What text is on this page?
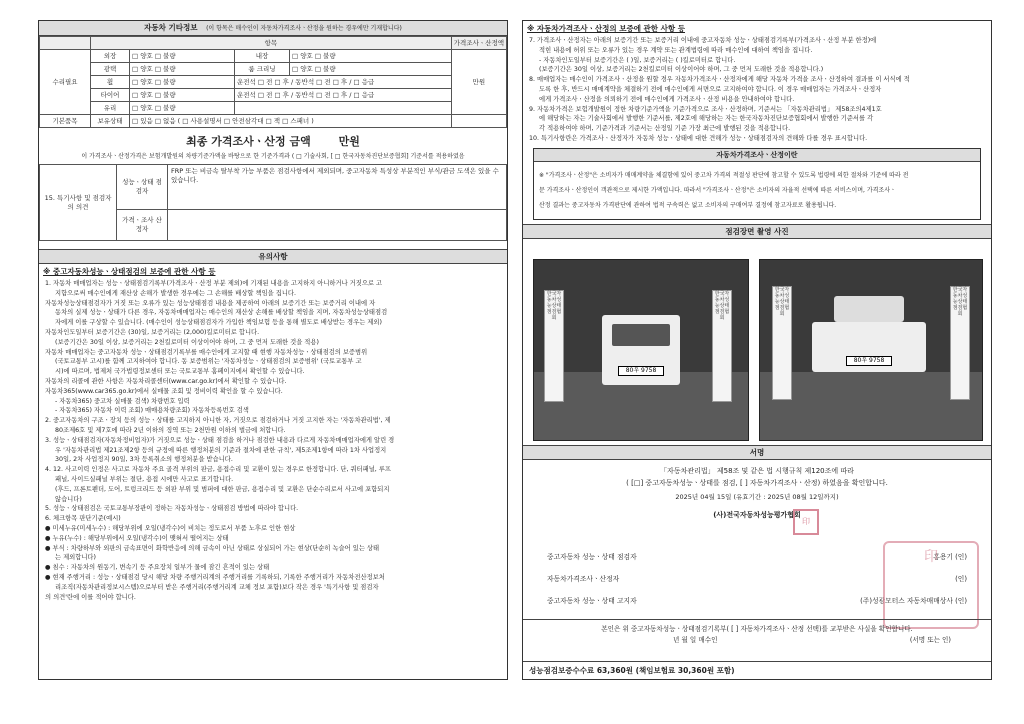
자동차 기타정보 (이 항목은 매수인이 자동차가격조사ㆍ산정을 원하는 경우에만 기재합니다)
	항목				가격조사ㆍ산정액
수리필요	외장	□ 양호 □ 불량	내장	□ 양호 □ 불량	만원
	광택	□ 양호 □ 불량	룸 크리닝	□ 양호 □ 불량	
	휠	□ 양호 □ 불량	운전석 □ 전 □ 후 / 동반석 □ 전 □ 후 / □ 응급		
	타이어	□ 양호 □ 불량	운전석 □ 전 □ 후 / 동반석 □ 전 □ 후 / □ 응급		
	유리	□ 양호 □ 불량			
기본품목	보유상태	□ 있음 □ 없음 ( □ 사용설명서 □ 안전삼각대 □ 잭 □ 스패너 )			
최종 가격조사ㆍ산정 금액	만원
이 가격조사ㆍ산정가격은 보험개발원의 차량기준가액을 바탕으로 한 기준가격과 ( □ 기술사회, [ □ 한국자동차진단보증협회] 기준서를 적용하였음
15. 특기사항 및 점검자의 의견	성능ㆍ상태 점검자	FRP 또는 비금속 탈부착 가능 부품은 점검사항에서 제외되며, 중고자동차 특성상 부분적인 부식/관금 도색은 있을 수 있습니다.
	가격ㆍ조사 산정자	
유의사항
※ 중고자동차성능ㆍ상태점검의 보증에 관한 사항 등

1. 자동차 매매업자는 성능ㆍ상태점검기록부(가격조사ㆍ산정 부분 제외)에 기재된 내용을 고지하지 아니하거나 거짓으로 고

지함으로써 매수인에게 재산상 손해가 발생한 경우에는 그 손해를 배상할 책임을 집니다.

자동차성능상태점검자가 거짓 또는 오류가 있는 성능상태점검 내용을 제공하여 아래의 보증기간 또는 보증거리 이내에 자

동차의 실제 성능ㆍ상태가 다른 경우, 자동차매매업자는 매수인의 재산상 손해를 배상할 책임을 지며, 자동차성능상태점검

자에게 이를 구상할 수 있습니다. (매수인이 성능상태점검자가 가입한 책임보험 등을 통해 별도로 배상받는 경우는 제외)

자동차인도일부터 보증기간은 (30)일, 보증거리는 (2,000)킬로미터로 합니다.

(보증기간은 30일 이상, 보증거리는 2천킬로미터 이상이어야 하며, 그 중 먼저 도래한 것을 적용)

자동차 매매업자는 중고자동차 성능ㆍ상태점검기록부를 매수인에게 고지할 때 현행 자동차성능ㆍ상태점검의 보증범위

(국토교통부 고시)를 함께 고지하여야 합니다. 동 보증범위는 '자동차성능ㆍ상태점검의 보증범위' (국토교통부 고

시)에 따르며, 법제처 국가법령정보센터 또는 국토교통부 홈페이지에서 확인할 수 있습니다.

자동차의 리콜에 관한 사항은 자동차리콜센터(www.car.go.kr)에서 확인할 수 있습니다.

자동차365(www.car365.go.kr)에서 실매물 조회 및 정비이력 확인을 할 수 있습니다.

- 자동차365) 중고차 실매물 검색) 차량번호 입력

- 자동차365) 자동차 이력 조회) 매매용차량조회) 자동차등록번호 검색

2. 중고자동차의 구조ㆍ장치 등의 성능ㆍ상태를 고지하지 아니한 자, 거짓으로 점검하거나 거짓 고지한 자는 '자동차관리법', 제

80조제6호 및 제7호에 따라 2년 이하의 징역 또는 2천만원 이하의 벌금에 처합니다.

3. 성능ㆍ상태점검자(자동차정비업자)가 거짓으로 성능ㆍ상태 점검을 하거나 점검한 내용과 다르게 자동차매매업자에게 알린 경

우 '자동차관리법 제21조제2항 등의 규정에 따른 행정처분의 기준과 절차에 관한 규칙', 제5조제1항에 따라 1차 사업정지

30일, 2차 사업정지 90일, 3차 등록취소의 행정처분을 받습니다.

4. 12. 사고이력 인정은 사고로 자동차 주요 골격 부위의 판금, 용접수리 및 교환이 있는 경우로 한정합니다. 단, 쿼터패널, 루프

패널, 사이드실패널 부위는 절단, 용접 시에만 사고로 표기합니다.

(후드, 프론트펜더, 도어, 트렁크리드 등 외판 부위 및 범퍼에 대한 판금, 용접수리 및 교환은 단순수리로서 사고에 포함되지

않습니다)

5. 성능ㆍ상태점검은 국토교통부장관이 정하는 자동차성능ㆍ상태점검 방법에 따라야 합니다.

6. 체크항목 판단기준(예시)

● 미세누유(미세누수) : 해당부위에 오일(냉각수)이 비치는 정도로서 부품 노후로 인한 현상

● 누유(누수) : 해당부위에서 오일(냉각수)이 맺혀서 떨어지는 상태

● 부식 : 차량하부와 외판의 금속표면이 화학반응에 의해 금속이 아닌 상태로 상실되어 가는 현상(단순히 녹슬어 있는 상태

는 제외합니다)

● 침수 : 자동차의 원동기, 변속기 등 주요장치 일부가 물에 잠긴 흔적이 있는 상태

● 현재 주행거리 : 성능ㆍ상태점검 당시 해당 차량 주행거리계의 주행거리를 기록하되, 기록한 주행거리가 자동차전산정보처

리조직(자동차관리정보시스템)으로부터 받은 주행거리(주행거리계 교체 정보 포함)보다 작은 경우 '특기사항 및 점검자

의 의견'란에 이를 적어야 합니다.

※ 자동차가격조사ㆍ산정의 보증에 관한 사항 등

7. 가격조사ㆍ산정자는 아래의 보증기간 또는 보증거리 이내에 중고자동차 성능ㆍ상태점검기록부(가격조사ㆍ산정 부분 한정)에

적힌 내용에 허위 또는 오류가 있는 경우 계약 또는 관계법령에 따라 매수인에 대하여 책임을 집니다.

- 자동차인도일부터 보증기간은 ( )일, 보증거리는 ( )킬로미터로 합니다.

(보증기간은 30일 이상, 보증거리는 2천킬로미터 이상이어야 하며, 그 중 먼저 도래한 것을 적용합니다.)

8. 매매업자는 매수인이 가격조사ㆍ산정을 원할 경우 자동차가격조사ㆍ산정자에게 해당 자동차 가격을 조사ㆍ산정하여 결과를 이 서식에 적

도록 한 후, 반드시 매매계약을 체결하기 전에 매수인에게 서면으로 고지하여야 합니다. 이 경우 매매업자는 가격조사ㆍ산정자

에게 가격조사ㆍ산정을 의뢰하기 전에 매수인에게 가격조사ㆍ산정 비용을 안내하여야 합니다.

9. 자동차가격은 보험개발원이 정한 차량기준가액을 기준가격으로 조사ㆍ산정하며, 기준서는 「자동차관리법」 제58조의4제1호

에 해당하는 자는 기술사회에서 발행한 기준서를, 제2호에 해당하는 자는 한국자동차진단보증협회에서 발행한 기준서를 각

각 적용하여야 하며, 기준가격과 기준서는 산정일 기준 가장 최근에 발행된 것을 적용합니다.

10. 특기사항란은 가격조사ㆍ산정자가 자동차 성능ㆍ상태에 대한 견해가 성능ㆍ상태점검자의 견해와 다를 경우 표시합니다.

자동차가격조사ㆍ산정이란

※ "가격조사ㆍ산정"은 소비자가 매매계약을 체결함에 있어 중고차 가격의 적절성 판단에 참고할 수 있도록 법령에 의한 절차와 기준에 따라 전

문 가격조사ㆍ산정인이 객관적으로 제시한 가액입니다. 따라서 "가격조사ㆍ산정"은 소비자의 자율적 선택에 따른 서비스이며, 가격조사ㆍ

산정 결과는 중고자동차 가격판단에 관하여 법적 구속력은 없고 소비자의 구매여부 결정에 참고자료로 활용됩니다.

점검장면 촬영 사진
한국자동차성능상태점검협회
한국자동차성능상태점검협회
80우 9758
한국자동차성능상태점검협회
한국자동차성능상태점검협회
80우 9758
서명
「자동차관리법」 제58조 및 같은 법 시행규칙 제120조에 따라
( [□] 중고자동차성능ㆍ상태를 점검, [ ] 자동차가격조사ㆍ산정) 하였음을 확인합니다.
2025년 04월 15일 (유효기간 : 2025년 08월 12일까지)
(사)전국자동차성능평가협회
중고자동차 성능ㆍ상태 점검자	홍용기 (인)
자동차가격조사ㆍ산정자	(인)
중고자동차 성능ㆍ상태 고지자	(주)성광모터스 자동차매매상사 (인)
印
印
본인은 위 중고자동차성능ㆍ상태점검기록부( [ ] 자동차가격조사ㆍ산정 선택)를 교부받은 사실을 확인합니다.
년 월 일 매수인	(서명 또는 인)
성능점검보증수수료 63,360원 (책임보험료 30,360원 포함)
